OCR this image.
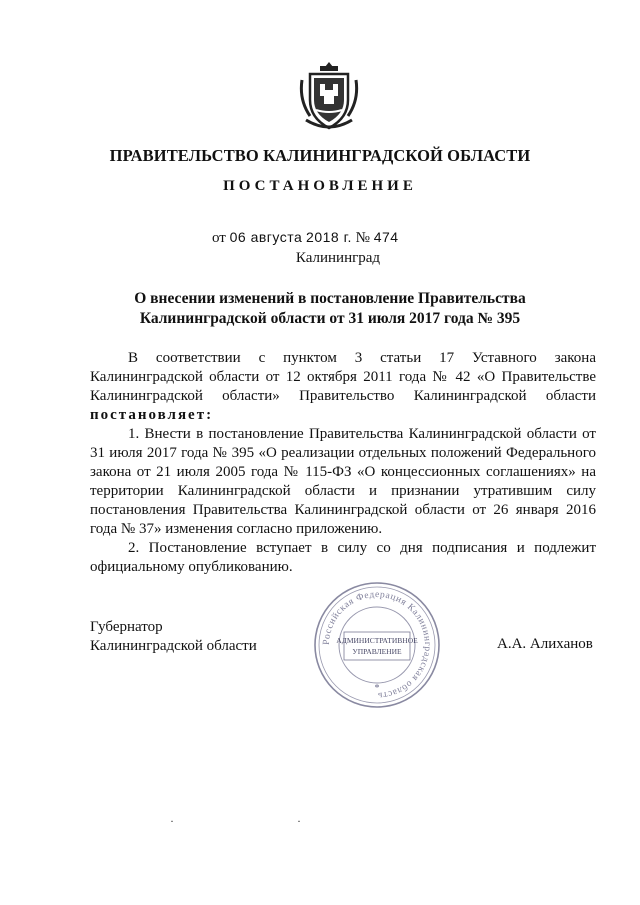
ПРАВИТЕЛЬСТВО КАЛИНИНГРАДСКОЙ ОБЛАСТИ
ПОСТАНОВЛЕНИЕ
от 06 августа 2018 г. № 474
Калининград
О внесении изменений в постановление Правительства
Калининградской области от 31 июля 2017 года № 395

В соответствии с пунктом 3 статьи 17 Уставного закона Калининградской области от 12 октября 2011 года № 42 «О Правительстве Калининградской области» Правительство Калининградской области постановляет:

1. Внести в постановление Правительства Калининградской области от 31 июля 2017 года № 395 «О реализации отдельных положений Федерального закона от 21 июля 2005 года № 115-ФЗ «О концессионных соглашениях» на территории Калининградской области и признании утратившим силу постановления Правительства Калининградской области от 26 января 2016 года № 37» изменения согласно приложению.

2. Постановление вступает в силу со дня подписания и подлежит официальному опубликованию.

Губернатор
Калининградской области	А.А. Алиханов
Российская Федерация Калининградская область
АДМИНИСТРАТИВНОЕ
УПРАВЛЕНИЕ
*
· ·
